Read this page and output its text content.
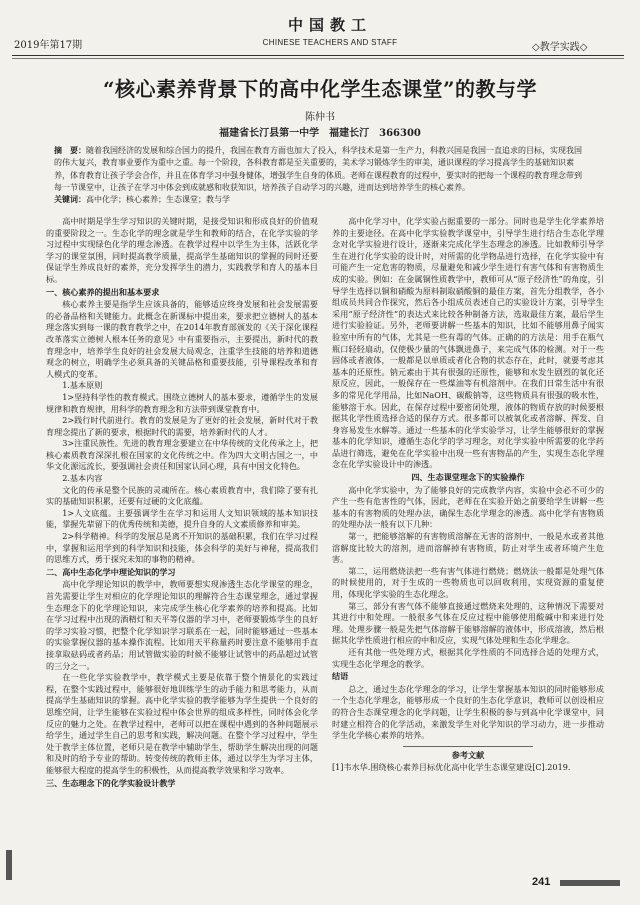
2019年第17期
中国教工
CHINESE TEACHERS AND STAFF	◇教学实践◇
“核心素养背景下的高中化学生态课堂”的教与学
陈仲书
福建省长汀县第一中学　福建长汀　366300
摘　要：随着我国经济的发展和综合国力的提升，我国在教育方面也加大了投入，科学技术是第一生产力，科教兴国是我国一直追求的目标，实现我国的伟大复兴，教育事业要作为重中之重。每一个阶段，各科教育都是至关重要的，美术学习锻炼学生的审美，通识课程的学习提高学生的基础知识素养，体育教育让孩子学会合作，并且在体育学习中强身健体，增强学生自身的体质。老师在课程教育的过程中，要实时的把每一个课程的教育理念带到每一节课堂中，让孩子在学习中体会到成就感和收获知识，培养孩子自动学习的兴趣，进而达到培养学生的核心素养。
关键词：高中化学；核心素养；生态课堂；教与学

高中时期是学生学习知识的关键时期，是接受知识和形成良好的价值观的重要阶段之一。生态化学的理念就是学生和教师的结合，在化学实验的学习过程中实现绿色化学的理念渗透。在教学过程中以学生为主体，活跃化学学习的课堂氛围，同时提高教学质量，提高学生基础知识的掌握的同时还要保证学生养成良好的素养，充分发挥学生的潜力，实践教学和育人的基本目标。

一、核心素养的提出和基本要求

核心素养主要是指学生应该具备的，能够适应终身发展和社会发展需要的必备品格和关键能力。此概念在新课标中提出来，要求把立德树人的基本理念落实到每一课的教育教学之中，在2014年教育部颁发的《关于深化课程改革落实立德树人根本任务的意见》中有重要指示，主要提出，新时代的教育理念中，培养学生良好的社会发展大局观念，注重学生技能的培养和道德观念的树立，明确学生必须具备的关键品格和重要技能，引导课程改革和育人模式的变革。

1.基本原则

1>坚持科学性的教育模式。围绕立德树人的基本要求，遵循学生的发展规律和教育规律，用科学的教育理念和方法带到课堂教育中。

2>践行时代前进行。教育的发展是为了更好的社会发展，新时代对于教育理念提出了新的要求，根据时代的需要，培养新时代的人才。

3>注重民族性。先进的教育理念要建立在中华传统的文化传承之上，把核心素质教育深深扎根在国家的文化传统之中。作为四大文明古国之一，中华文化源远流长，要强调社会责任和国家认同心理，具有中国文化特色。

2.基本内容

文化的传承是整个民族的灵魂所在。核心素质教育中，我们除了要有扎实的基础知识积累，还要有过硬的文化底蕴。

1>人文底蕴。主要强调学生在学习和运用人文知识领域的基本知识技能，掌握先辈留下的优秀传统和美德，提升自身的人文素质修养和审美。

2>科学精神。科学的发展总是离不开知识的基础积累，我们在学习过程中，掌握和运用学到的科学知识和技能，体会科学的美好与神秘，提高我们的思维方式，勇于探究未知的事物的精神。

二、高中生态化学中理论知识的学习

高中化学理论知识的教学中，教师要想实现渗透生态化学课堂的理念，首先需要让学生对相应的化学理论知识的理解符合生态课堂理念，通过掌握生态理念下的化学理论知识，来完成学生核心化学素养的培养和提高。比如在学习过程中出现的酒精灯和天平等仪器的学习中，老师要锻炼学生的良好的学习实验习惯，把整个化学知识学习联系在一起，同时能够通过一些基本的实验掌握仪器的基本操作流程。比如用天平称量药时要注意不能够用手直接拿取砝码或者药品；用试管做实验的时候不能够让试管中的药品超过试管的三分之一。

在一些化学实验教学中，教学模式主要是依靠于整个情景化的实践过程，在整个实践过程中，能够很好地训练学生的动手能力和思考能力，从而提高学生基础知识的掌握。高中化学实验的教学能够为学生提供一个良好的思维空间，让学生能够在实验过程中体会世界的组成多样性，同时体会化学反应的魅力之处。在教学过程中，老师可以把在课程中遇到的各种问题展示给学生，通过学生自己的思考和实践，解决问题。在整个学习过程中，学生处于教学主体位置，老师只是在教学中辅助学生，帮助学生解决出现的问题和及时的给予专业的帮助。转变传统的教师主体，通过以学生为学习主体，能够很大程度的提高学生的积极性，从而提高教学效果和学习效率。

三、生态理念下的化学实验设计教学

高中化学习中，化学实验占据重要的一部分。同时也是学生化学素养培养的主要途径。在高中化学实验教学课堂中，引导学生进行结合生态化学理念对化学实验进行设计，逐渐来完成化学生态理念的渗透。比如教师引导学生在进行化学实验的设计时，对所需的化学物品进行选择，在化学实验中有可能产生一定危害的物质，尽量避免和减少学生进行有害气体和有害物质生成的实验。例如：在金属铜性质教学中，教师可从“原子经济性”的角度，引导学生选择以铜和硝酸为原料制取硝酸铜的最佳方案，首先分组教学，各小组成员共同合作探究，然后各小组成员表述自己的实验设计方案，引导学生采用“原子经济性”的表达式来比较各种制备方法，选取最佳方案，最后学生进行实验验证。另外，老师要讲解一些基本的知识，比如不能够用鼻子闻实验室中所有的气体，尤其是一些有毒的气体。正确的的方法是：用手在瓶气瓶口轻轻扇动，仅使极少量的气体飘进鼻子，来完成气体的检测。对于一些固体或者液体，一般都是以单质或者化合物的状态存在，此时，就要考虑其基本的还原性。钠元素由于其有很强的还原性，能够和水发生剧烈的氧化还原反应，因此，一般保存在一些煤油等有机溶剂中。在我们日常生活中有很多的常见化学用品，比如NaOH、碳酸钠等，这些物质具有很强的吸水性，能够溶于水。因此，在保存过程中要密闭处理，液体的物质存放的时候要根据其化学性质选择合适的保存方式。很多都可以被氧化或者溶解、挥发、自身容易发生水解等。通过一些基本的化学实验学习，让学生能够很好的掌握基本的化学知识，遵循生态化学的学习理念，对化学实验中所需要的化学药品进行筛选，避免在化学实验中出现一些有害物品的产生，实现生态化学理念在化学实验设计中的渗透。

四、生态课堂理念下的实验操作

高中化学实验中，为了能够良好的完成教学内容，实验中会必不可少的产生一些有危害性的气体，因此，老师在在实验开始之前要给学生讲解一些基本的有害物质的处理办法，确保生态化学理念的渗透。高中化学有害物质的处理办法一般有以下几种：

第一，把能够溶解的有害物质溶解在无害的溶剂中，一般是水或者其他溶解度比较大的溶剂，进而溶解掉有害物质，防止对学生或者环境产生危害。

第二，运用燃烧法把一些有害气体进行燃烧；燃烧法一般都是处理气体的时候使用的，对于生成的一些物质也可以回收利用，实现资源的重复使用，体现化学实验的生态化理念。

第三，部分有害气体不能够直接通过燃烧来处理的，这种情况下需要对其进行中和处理。一般很多气体在反应过程中能够使用酸碱中和来进行处理。处理步骤一般是先把气体溶解于能够溶解的液体中，形成溶液，然后根据其化学性质进行相应的中和反应，实现气体处理和生态化学理念。

还有其他一些处理方式，根据其化学性质的不同选择合适的处理方式，实现生态化学理念的教学。

结语

总之，通过生态化学理念的学习，让学生掌握基本知识的同时能够形成一个生态化学理念，能够形成一个良好的生态化学意识，教师可以创设相应的符合生态课堂理念的化学问题，让学生积极的参与到高中化学课堂中，同时建立相符合的化学活动，来激发学生对化学知识的学习动力，进一步推动学生化学核心素养的培养。

参考文献

[1]韦水华.围绕核心素养目标优化高中化学生态课堂建设[C].2019.

241
